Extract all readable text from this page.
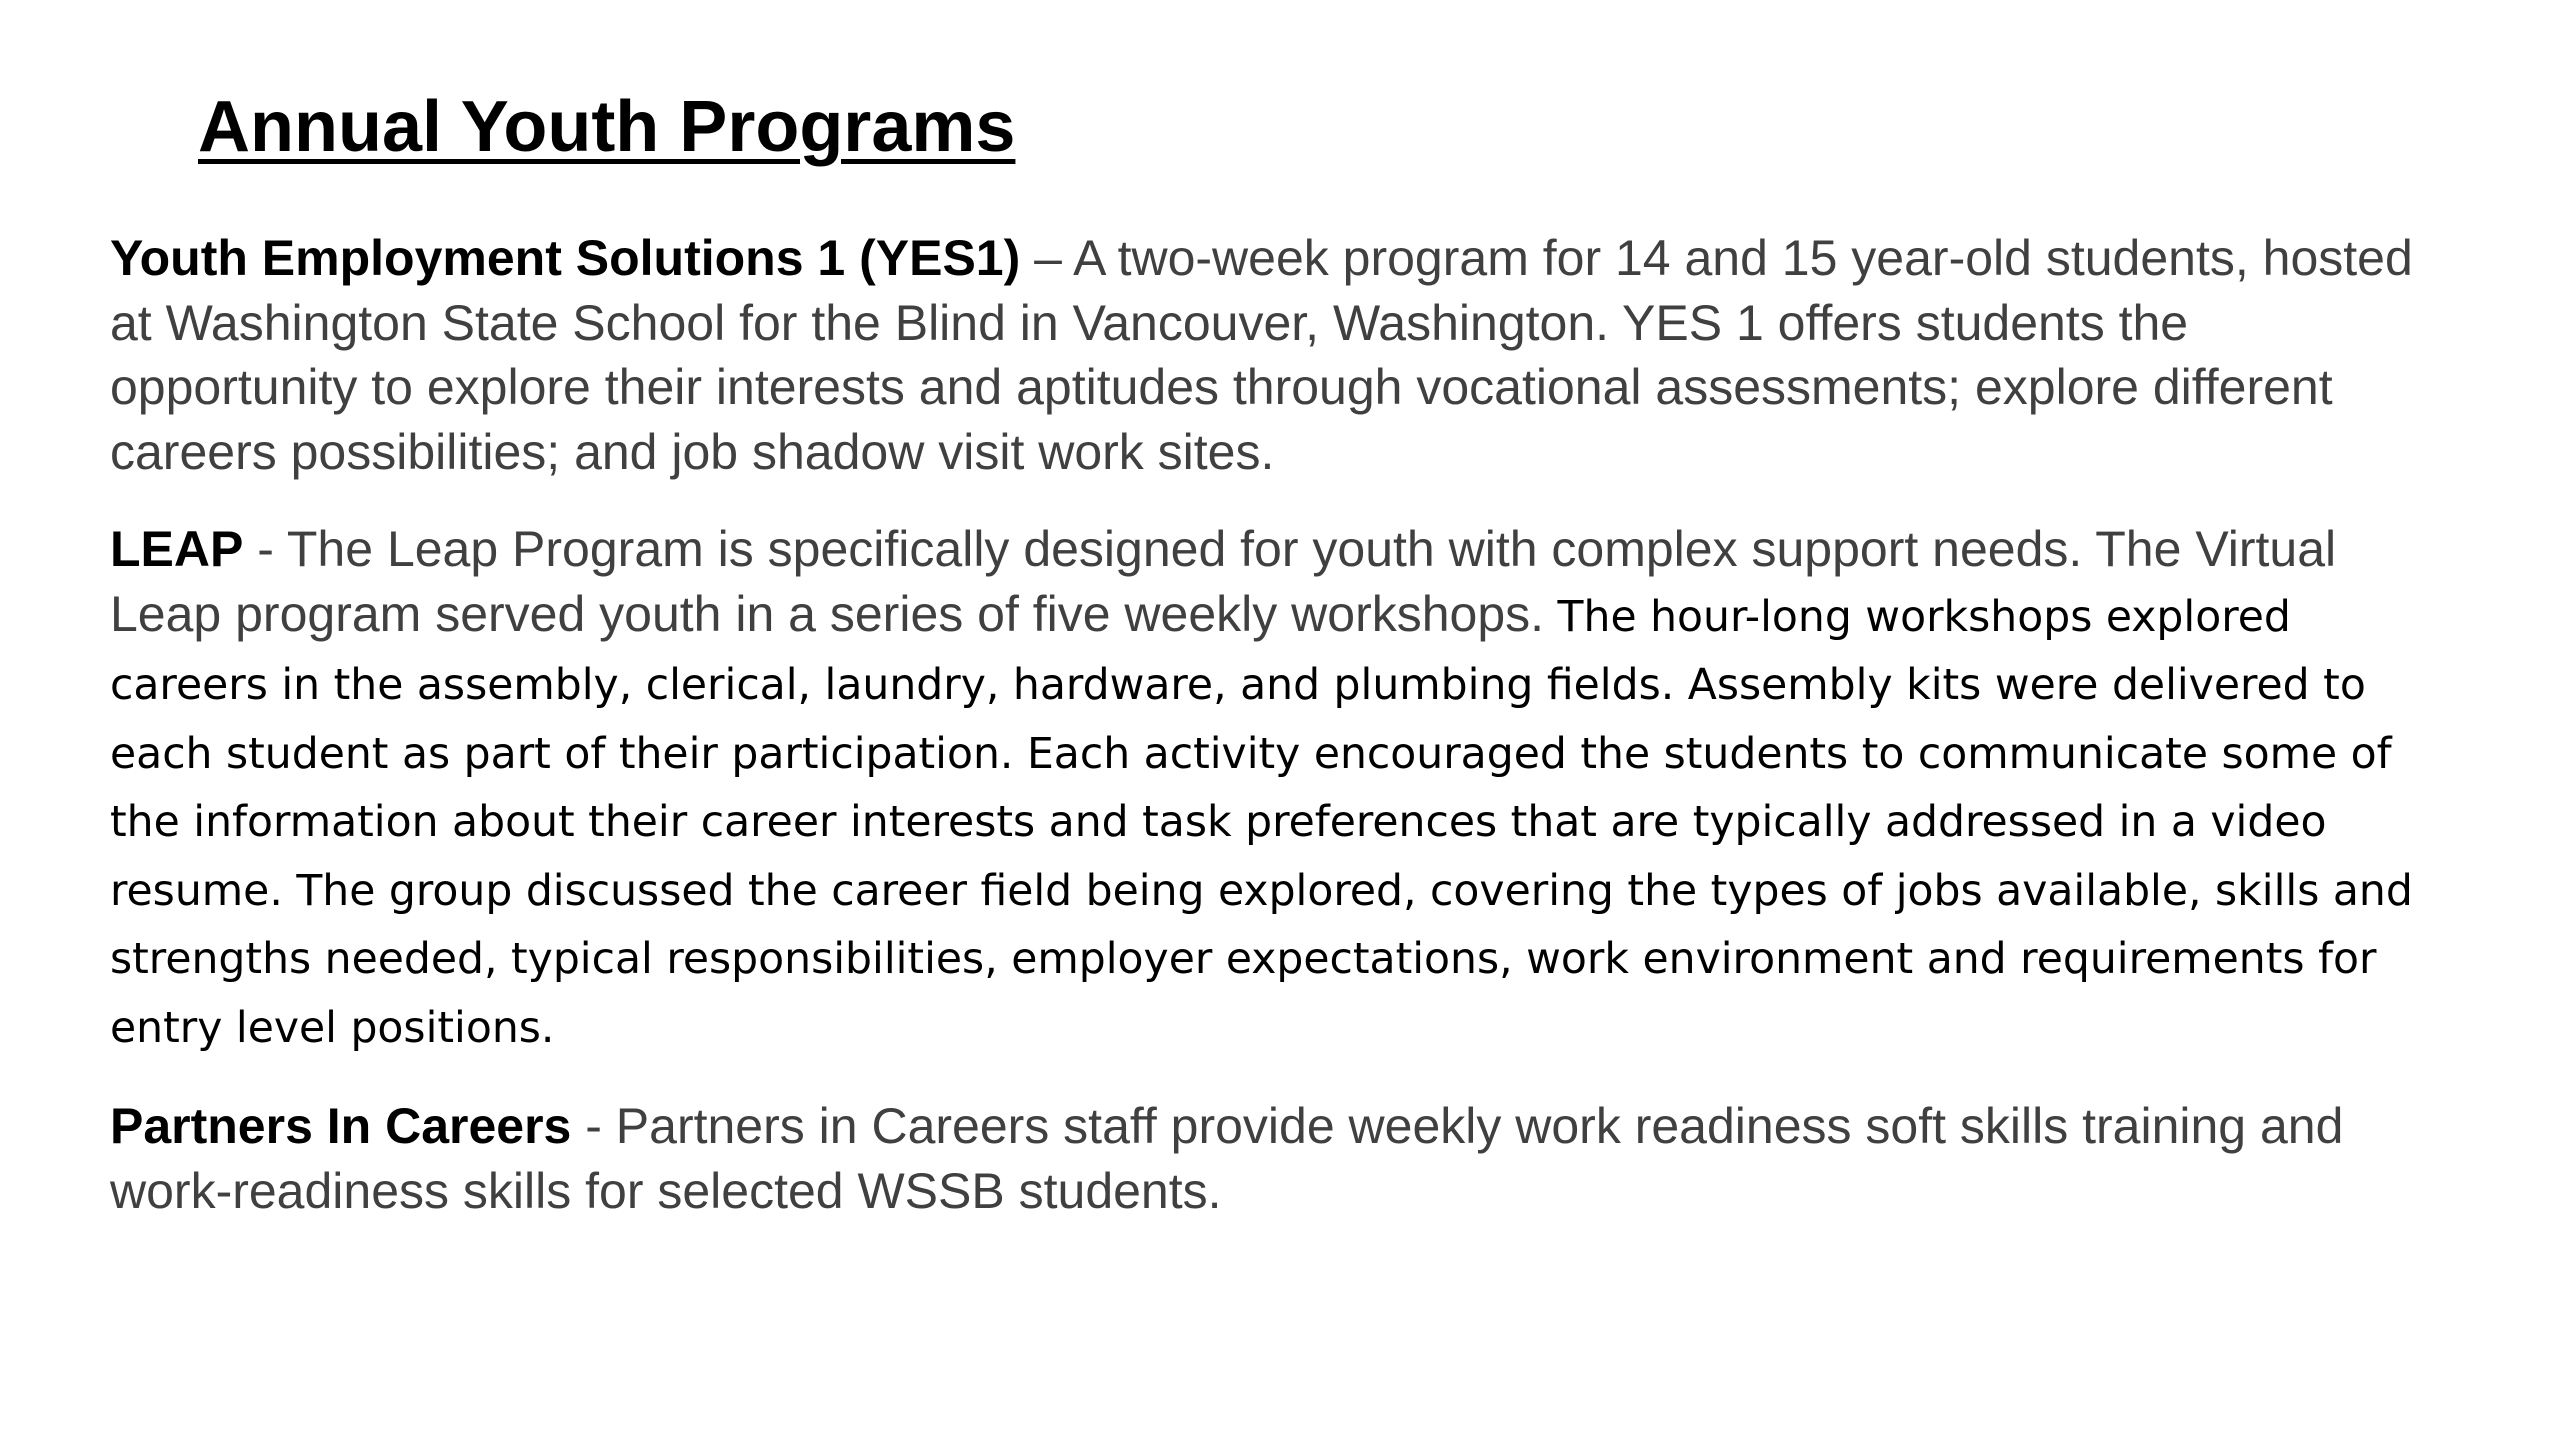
Annual Youth Programs

Youth Employment Solutions 1 (YES1) – A two-week program for 14 and 15 year-old students, hosted at Washington State School for the Blind in Vancouver, Washington. YES 1 offers students the opportunity to explore their interests and aptitudes through vocational assessments; explore different careers possibilities; and job shadow visit work sites.

LEAP - The Leap Program is specifically designed for youth with complex support needs. The Virtual Leap program served youth in a series of five weekly workshops. The hour-long workshops explored careers in the assembly, clerical, laundry, hardware, and plumbing fields. Assembly kits were delivered to each student as part of their participation. Each activity encouraged the students to communicate some of the information about their career interests and task preferences that are typically addressed in a video resume. The group discussed the career field being explored, covering the types of jobs available, skills and strengths needed, typical responsibilities, employer expectations, work environment and requirements for entry level positions.

Partners In Careers - Partners in Careers staff provide weekly work readiness soft skills training and work-readiness skills for selected WSSB students.
